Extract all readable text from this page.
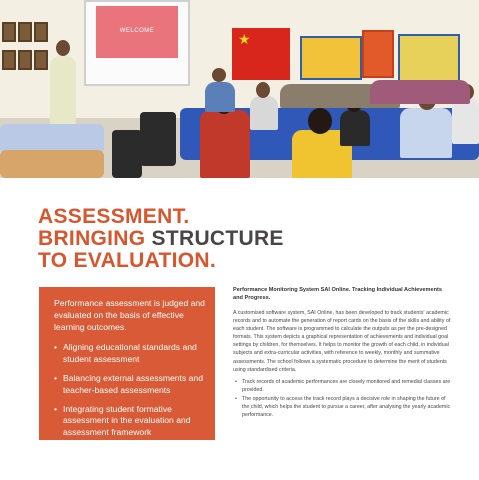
WELCOME	★
ASSESSMENT.
BRINGING STRUCTURE
TO EVALUATION.

Performance assessment is judged and evaluated on the basis of effective learning outcomes.

• Aligning educational standards and student assessment
• Balancing external assessments and teacher-based assessments
• Integrating student formative assessment in the evaluation and assessment framework

Performance Monitoring System SAI Online. Tracking Individual Achievements and Progress.

A customised software system, SAI Online, has been developed to track students' academic records and to automate the generation of report cards on the basis of the skills and ability of each student. The software is programmed to calculate the outputs as per the pre-designed formats. This system depicts a graphical representation of achievements and individual goal settings by children, for themselves. It helps to monitor the growth of each child, in individual subjects and extra-curricular activities, with reference to weekly, monthly and summative assessments. The school follows a systematic procedure to determine the merit of students using standardised criteria.

• Track records of academic performances are closely monitored and remedial classes are provided.
• The opportunity to access the track record plays a decisive role in shaping the future of the child, which helps the student to pursue a career, after analysing the yearly academic performance.
